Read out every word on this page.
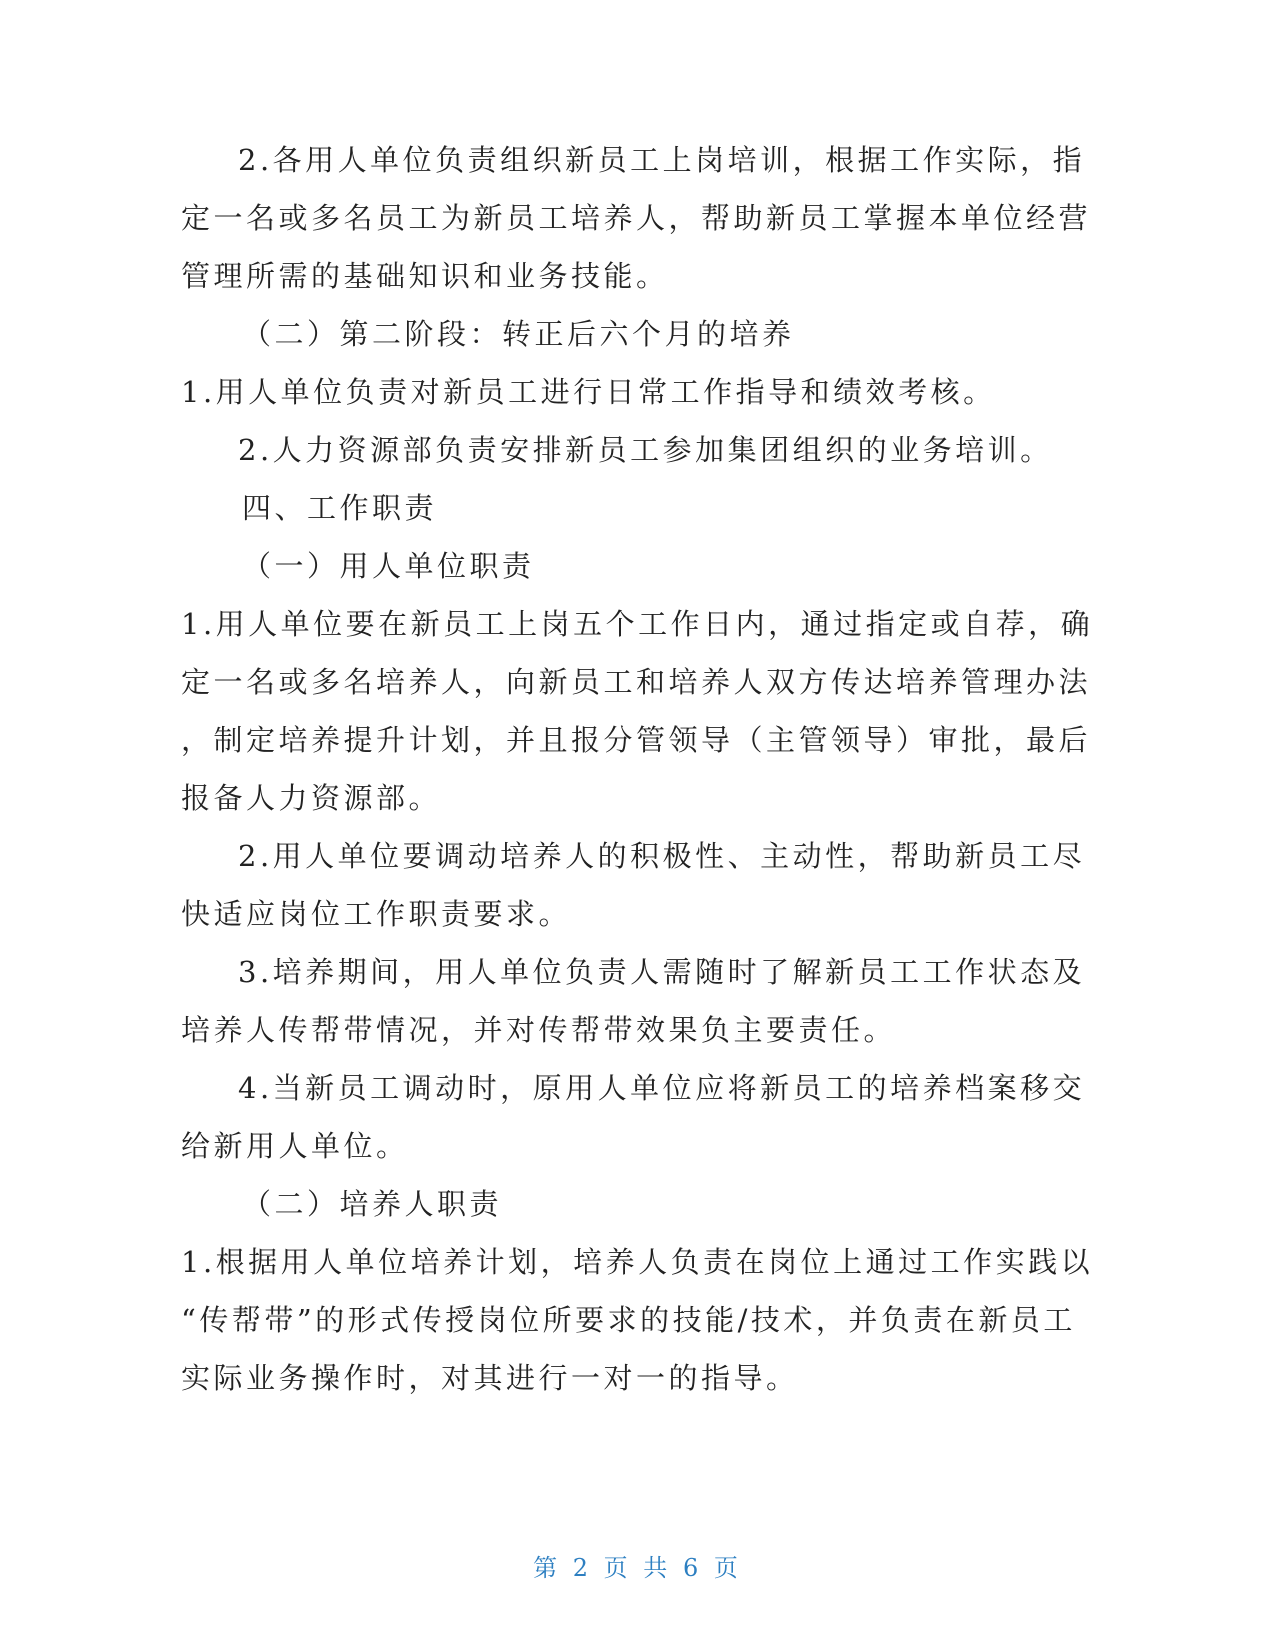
2.各用人单位负责组织新员工上岗培训，根据工作实际，指
定一名或多名员工为新员工培养人，帮助新员工掌握本单位经营
管理所需的基础知识和业务技能。
（二）第二阶段：转正后六个月的培养
1.用人单位负责对新员工进行日常工作指导和绩效考核。
2.人力资源部负责安排新员工参加集团组织的业务培训。
四、工作职责
（一）用人单位职责
1.用人单位要在新员工上岗五个工作日内，通过指定或自荐，确
定一名或多名培养人，向新员工和培养人双方传达培养管理办法
，制定培养提升计划，并且报分管领导（主管领导）审批，最后
报备人力资源部。
2.用人单位要调动培养人的积极性、主动性，帮助新员工尽
快适应岗位工作职责要求。
3.培养期间，用人单位负责人需随时了解新员工工作状态及
培养人传帮带情况，并对传帮带效果负主要责任。
4.当新员工调动时，原用人单位应将新员工的培养档案移交
给新用人单位。
（二）培养人职责
1.根据用人单位培养计划，培养人负责在岗位上通过工作实践以
“传帮带”的形式传授岗位所要求的技能/技术，并负责在新员工
实际业务操作时，对其进行一对一的指导。
第 2 页 共 6 页
